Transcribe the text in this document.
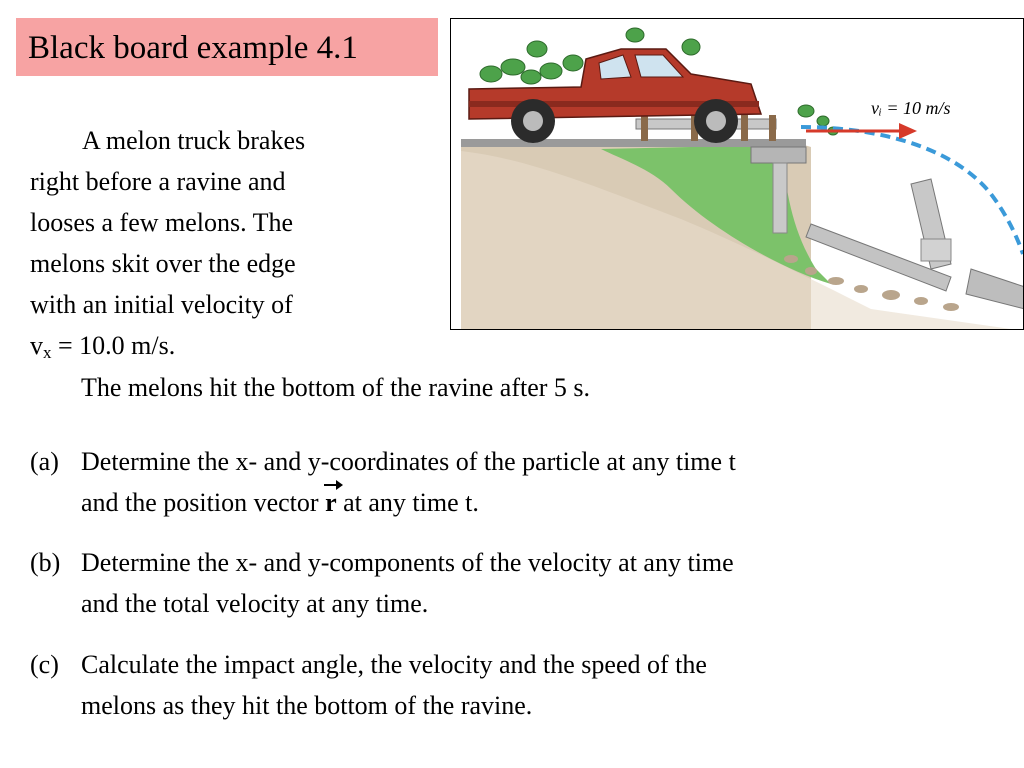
Black board example 4.1
vᵢ = 10 m/s

A melon truck brakes

right before a ravine and

looses a few melons. The

melons skit over the edge

with an initial velocity of

$v_x = 10.0$ m/s.

The melons hit the bottom of the ravine after 5 s.
(a) Determine the x- and y-coordinates of the particle at any time t
and the position vector r at any time t.
(b) Determine the x- and y-components of the velocity at any time
and the total velocity at any time.
(c) Calculate the impact angle, the velocity and the speed of the
melons as they hit the bottom of the ravine.
